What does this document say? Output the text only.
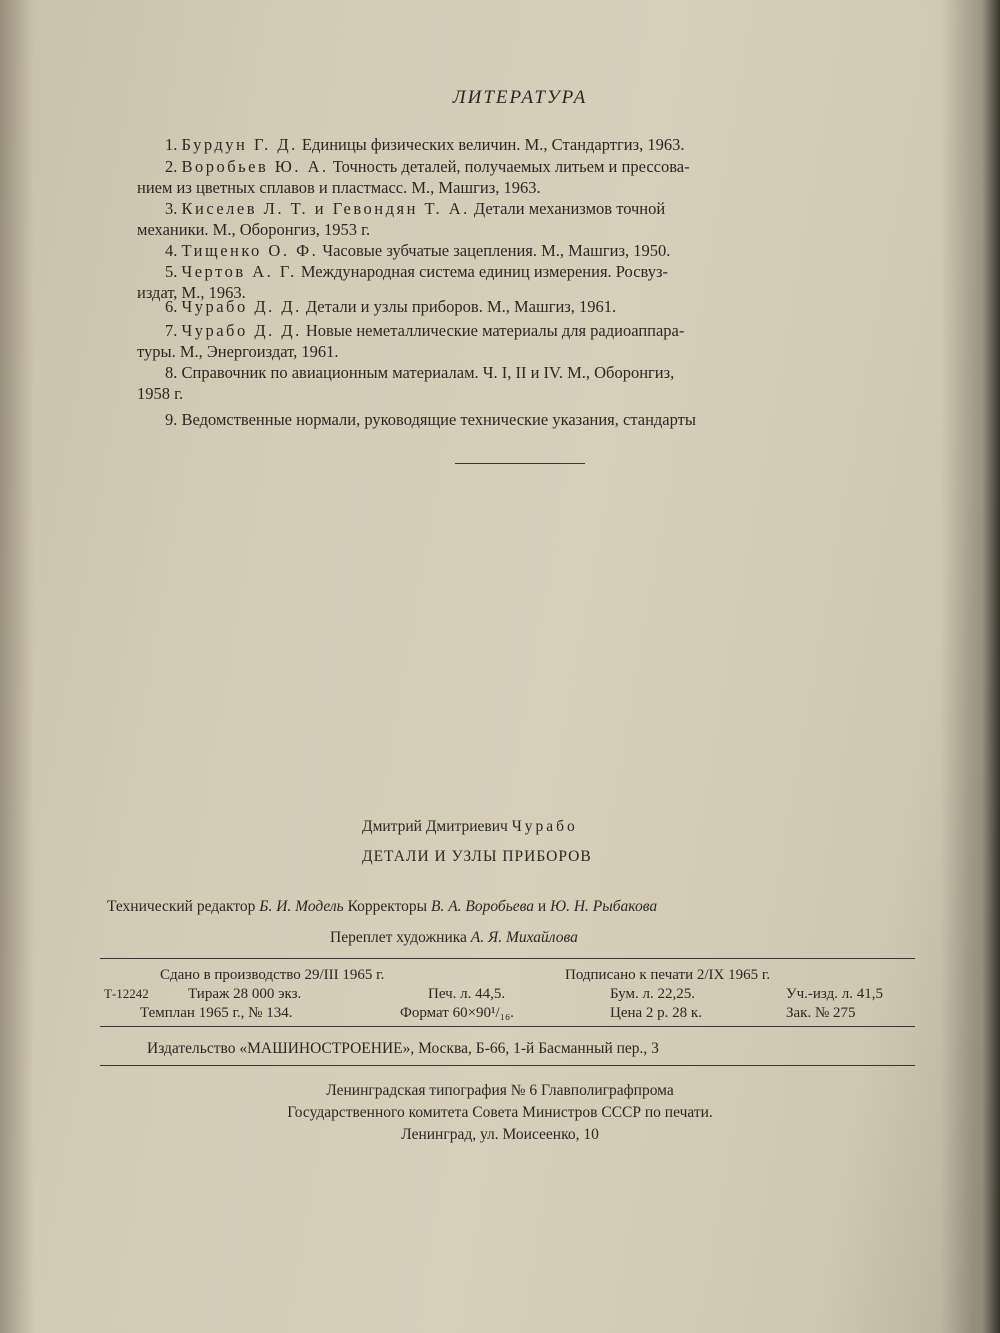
ЛИТЕРАТУРА
1. Бурдун Г. Д. Единицы физических величин. М., Стандартгиз, 1963.
2. Воробьев Ю. А. Точность деталей, получаемых литьем и прессова-
нием из цветных сплавов и пластмасс. М., Машгиз, 1963.
3. Киселев Л. Т. и Гевондян Т. А. Детали механизмов точной
механики. М., Оборонгиз, 1953 г.
4. Тищенко О. Ф. Часовые зубчатые зацепления. М., Машгиз, 1950.
5. Чертов А. Г. Международная система единиц измерения. Росвуз-
издат, М., 1963.
6. Чурабо Д. Д. Детали и узлы приборов. М., Машгиз, 1961.
7. Чурабо Д. Д. Новые неметаллические материалы для радиоаппара-
туры. М., Энергоиздат, 1961.
8. Справочник по авиационным материалам. Ч. I, II и IV. М., Оборонгиз,
1958 г.
9. Ведомственные нормали, руководящие технические указания, стандарты
Дмитрий Дмитриевич Чурабо
ДЕТАЛИ И УЗЛЫ ПРИБОРОВ
Технический редактор Б. И. Модель Корректоры В. А. Воробьева и Ю. Н. Рыбакова
Переплет художника А. Я. Михайлова
Сдано в производство 29/III 1965 г.	Подписано к печати 2/IX 1965 г.
Т-12242	Тираж 28 000 экз.	Печ. л. 44,5.	Бум. л. 22,25.	Уч.-изд. л. 41,5
Темплан 1965 г., № 134.	Формат 60×90¹/₁₆.	Цена 2 р. 28 к.	Зак. № 275
Издательство «МАШИНОСТРОЕНИЕ», Москва, Б-66, 1-й Басманный пер., 3
Ленинградская типография № 6 Главполиграфпрома
Государственного комитета Совета Министров СССР по печати.
Ленинград, ул. Моисеенко, 10
